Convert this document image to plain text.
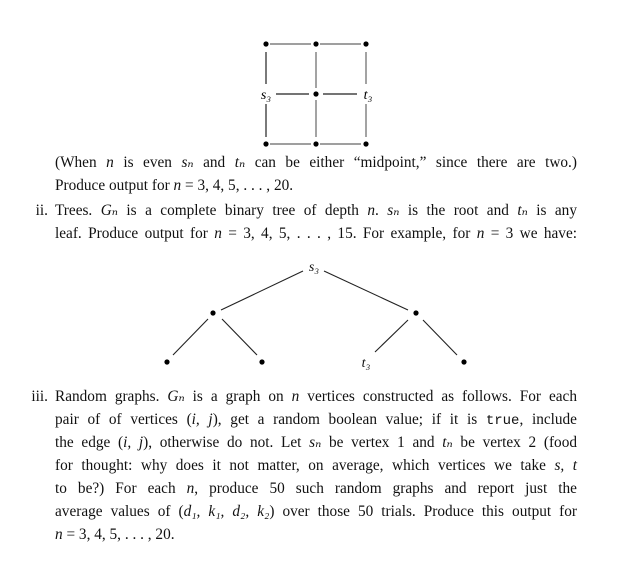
s₃	t₃
s₃
t₃
(When n is even sₙ and tₙ can be either “midpoint,” since there are two.)
Produce output for n = 3, 4, 5, . . . , 20.
ii. Trees. Gₙ is a complete binary tree of depth n. sₙ is the root and tₙ is any
leaf. Produce output for n = 3, 4, 5, . . . , 15. For example, for n = 3 we have:
iii. Random graphs. Gₙ is a graph on n vertices constructed as follows. For each
pair of of vertices (i, j), get a random boolean value; if it is true, include
the edge (i, j), otherwise do not. Let sₙ be vertex 1 and tₙ be vertex 2 (food
for thought: why does it not matter, on average, which vertices we take s, t
to be?) For each n, produce 50 such random graphs and report just the
average values of (d₁, k₁, d₂, k₂) over those 50 trials. Produce this output for
n = 3, 4, 5, . . . , 20.
